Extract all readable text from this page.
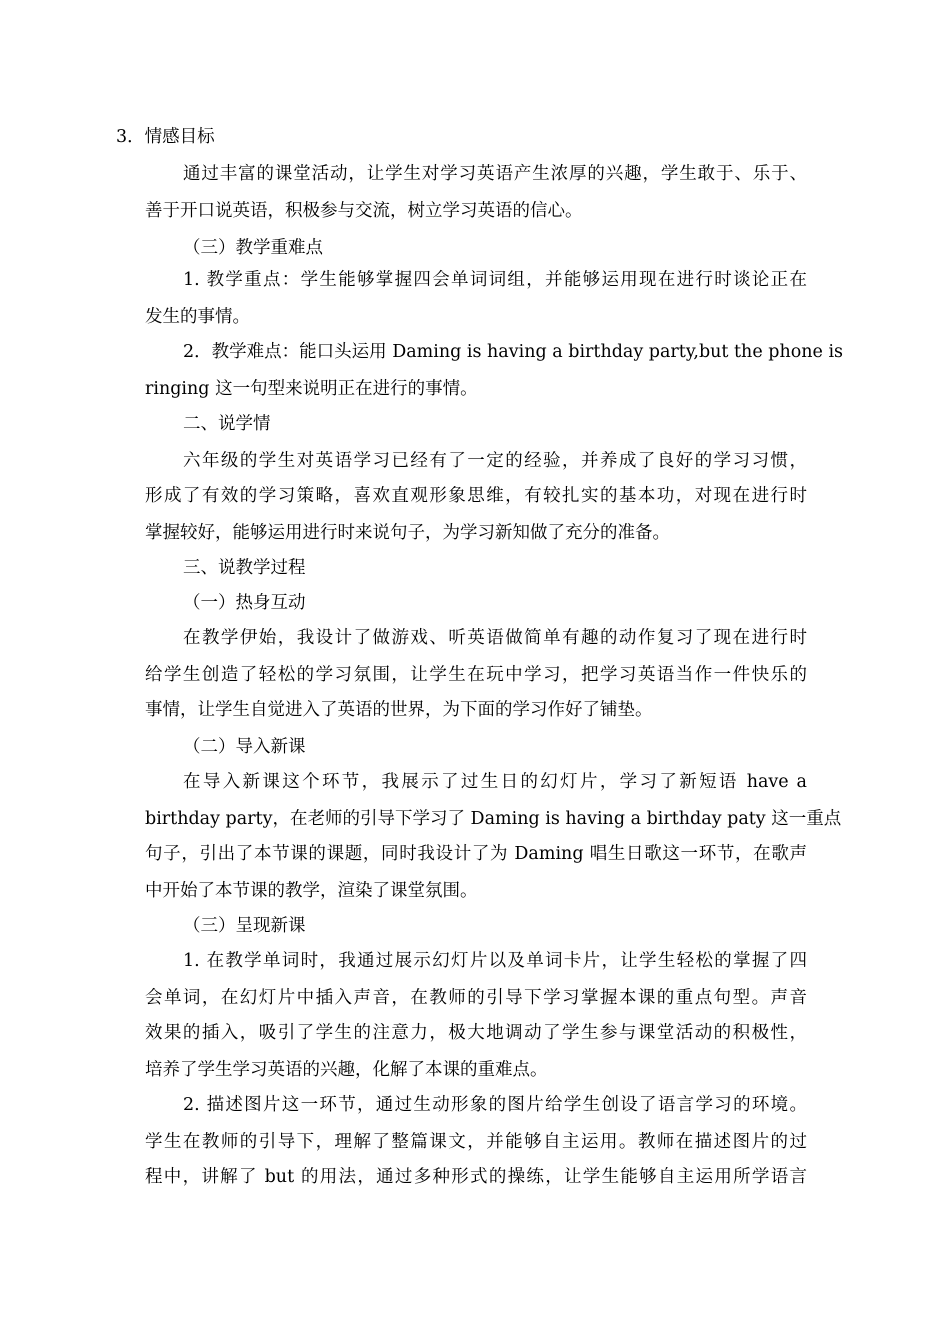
3．情感目标
通过丰富的课堂活动，让学生对学习英语产生浓厚的兴趣，学生敢于、乐于、
善于开口说英语，积极参与交流，树立学习英语的信心。
（三）教学重难点
1. 教学重点：学生能够掌握四会单词词组，并能够运用现在进行时谈论正在
发生的事情。
2．教学难点：能口头运用 Daming is having a birthday party,but the phone is
ringing 这一句型来说明正在进行的事情。
二、说学情
六年级的学生对英语学习已经有了一定的经验，并养成了良好的学习习惯，
形成了有效的学习策略，喜欢直观形象思维，有较扎实的基本功，对现在进行时
掌握较好，能够运用进行时来说句子，为学习新知做了充分的准备。
三、说教学过程
（一）热身互动
在教学伊始，我设计了做游戏、听英语做简单有趣的动作复习了现在进行时
给学生创造了轻松的学习氛围，让学生在玩中学习，把学习英语当作一件快乐的
事情，让学生自觉进入了英语的世界，为下面的学习作好了铺垫。
（二）导入新课
在导入新课这个环节，我展示了过生日的幻灯片，学习了新短语 have a
birthday party，在老师的引导下学习了 Daming is having a birthday paty 这一重点
句子，引出了本节课的课题，同时我设计了为 Daming 唱生日歌这一环节，在歌声
中开始了本节课的教学，渲染了课堂氛围。
（三）呈现新课
1. 在教学单词时，我通过展示幻灯片以及单词卡片，让学生轻松的掌握了四
会单词，在幻灯片中插入声音，在教师的引导下学习掌握本课的重点句型。声音
效果的插入，吸引了学生的注意力，极大地调动了学生参与课堂活动的积极性，
培养了学生学习英语的兴趣，化解了本课的重难点。
2. 描述图片这一环节，通过生动形象的图片给学生创设了语言学习的环境。
学生在教师的引导下，理解了整篇课文，并能够自主运用。教师在描述图片的过
程中，讲解了 but 的用法，通过多种形式的操练，让学生能够自主运用所学语言
